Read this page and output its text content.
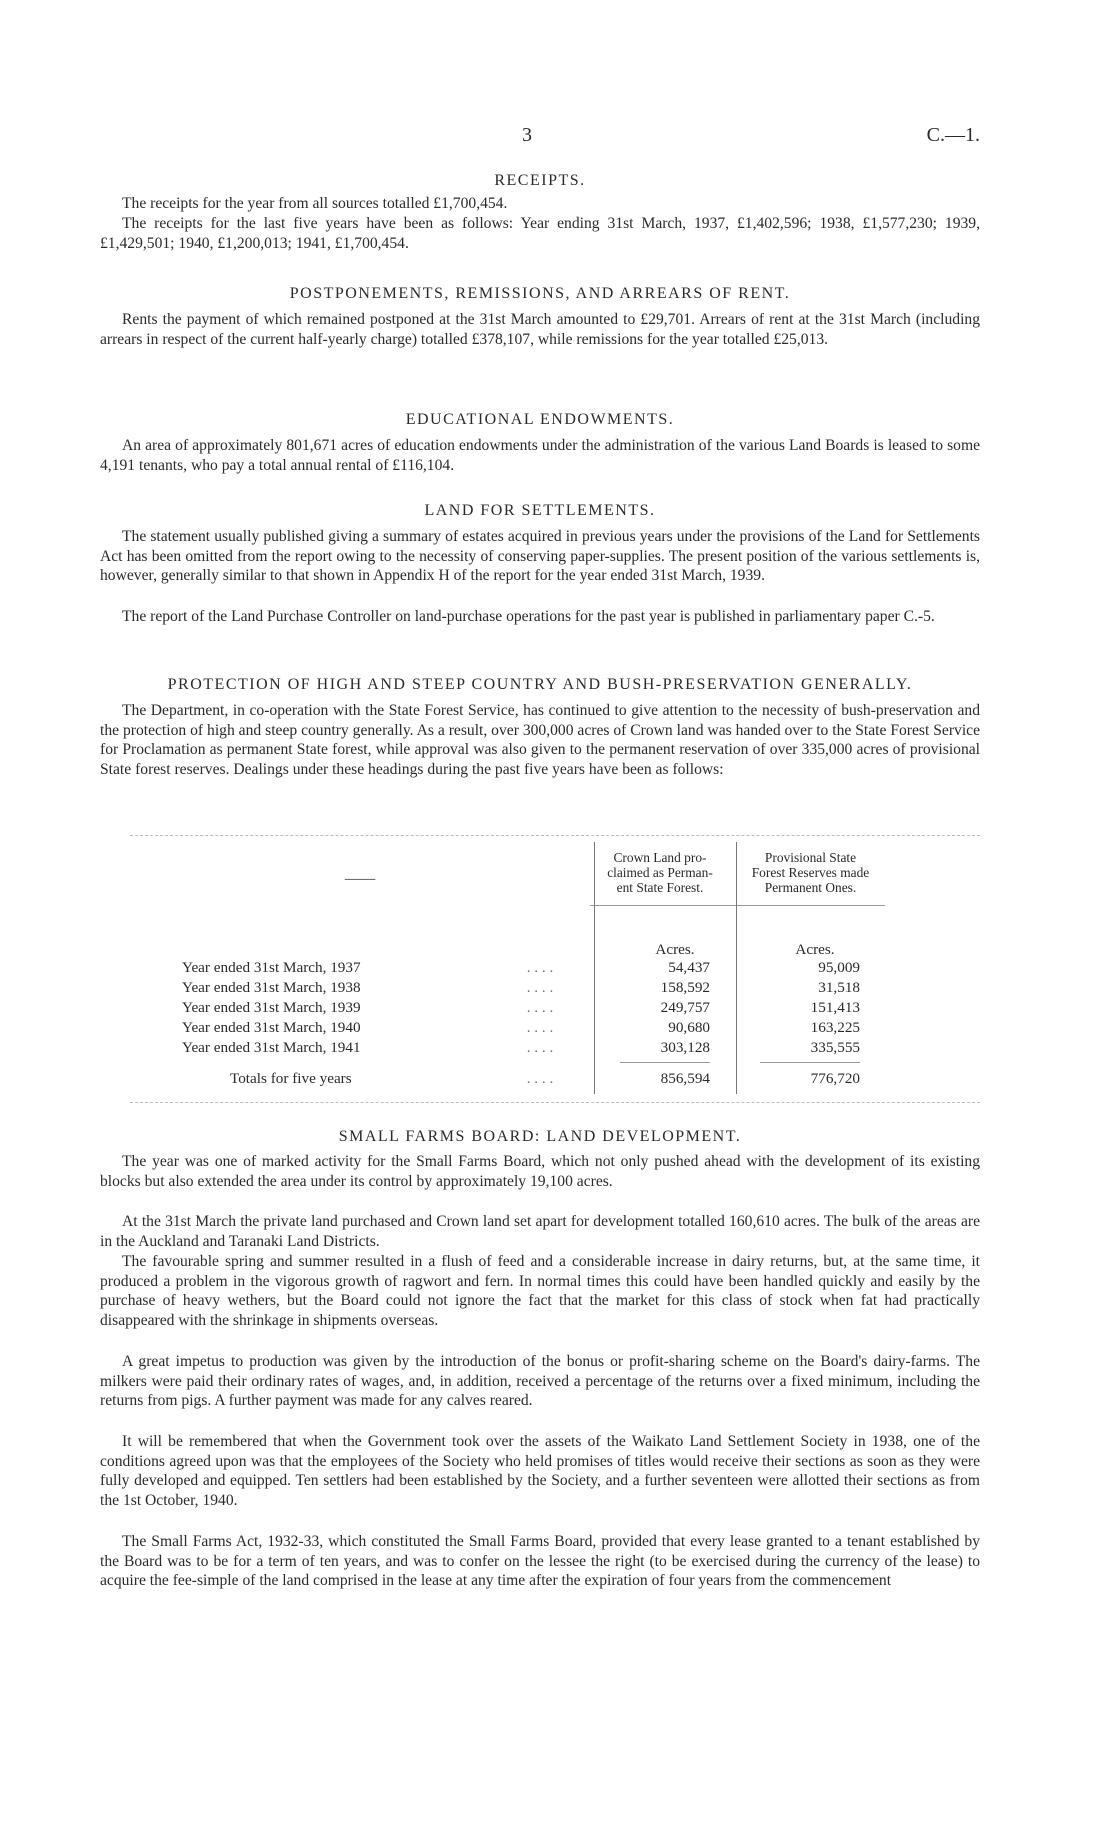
3	C.—1.
RECEIPTS.

The receipts for the year from all sources totalled £1,700,454.

The receipts for the last five years have been as follows: Year ending 31st March, 1937, £1,402,596; 1938, £1,577,230; 1939, £1,429,501; 1940, £1,200,013; 1941, £1,700,454.

POSTPONEMENTS, REMISSIONS, AND ARREARS OF RENT.

Rents the payment of which remained postponed at the 31st March amounted to £29,701. Arrears of rent at the 31st March (including arrears in respect of the current half-yearly charge) totalled £378,107, while remissions for the year totalled £25,013.

EDUCATIONAL ENDOWMENTS.

An area of approximately 801,671 acres of education endowments under the administration of the various Land Boards is leased to some 4,191 tenants, who pay a total annual rental of £116,104.

LAND FOR SETTLEMENTS.

The statement usually published giving a summary of estates acquired in previous years under the provisions of the Land for Settlements Act has been omitted from the report owing to the necessity of conserving paper-supplies. The present position of the various settlements is, however, generally similar to that shown in Appendix H of the report for the year ended 31st March, 1939.

The report of the Land Purchase Controller on land-purchase operations for the past year is published in parliamentary paper C.-5.

PROTECTION OF HIGH AND STEEP COUNTRY AND BUSH-PRESERVATION GENERALLY.

The Department, in co-operation with the State Forest Service, has continued to give attention to the necessity of bush-preservation and the protection of high and steep country generally. As a result, over 300,000 acres of Crown land was handed over to the State Forest Service for Proclamation as permanent State forest, while approval was also given to the permanent reservation of over 335,000 acres of provisional State forest reserves. Dealings under these headings during the past five years have been as follows:

——
Crown Land pro-
claimed as Perman-
ent State Forest.
Provisional State
Forest Reserves made
Permanent Ones.
Acres.	Acres.
Year ended 31st March, 1937	. . . .	54,437	95,009
Year ended 31st March, 1938	. . . .	158,592	31,518
Year ended 31st March, 1939	. . . .	249,757	151,413
Year ended 31st March, 1940	. . . .	90,680	163,225
Year ended 31st March, 1941	. . . .	303,128	335,555
Totals for five years	. . . .	856,594	776,720
SMALL FARMS BOARD: LAND DEVELOPMENT.

The year was one of marked activity for the Small Farms Board, which not only pushed ahead with the development of its existing blocks but also extended the area under its control by approximately 19,100 acres.

At the 31st March the private land purchased and Crown land set apart for development totalled 160,610 acres. The bulk of the areas are in the Auckland and Taranaki Land Districts.

The favourable spring and summer resulted in a flush of feed and a considerable increase in dairy returns, but, at the same time, it produced a problem in the vigorous growth of ragwort and fern. In normal times this could have been handled quickly and easily by the purchase of heavy wethers, but the Board could not ignore the fact that the market for this class of stock when fat had practically disappeared with the shrinkage in shipments overseas.

A great impetus to production was given by the introduction of the bonus or profit-sharing scheme on the Board's dairy-farms. The milkers were paid their ordinary rates of wages, and, in addition, received a percentage of the returns over a fixed minimum, including the returns from pigs. A further payment was made for any calves reared.

It will be remembered that when the Government took over the assets of the Waikato Land Settlement Society in 1938, one of the conditions agreed upon was that the employees of the Society who held promises of titles would receive their sections as soon as they were fully developed and equipped. Ten settlers had been established by the Society, and a further seventeen were allotted their sections as from the 1st October, 1940.

The Small Farms Act, 1932-33, which constituted the Small Farms Board, provided that every lease granted to a tenant established by the Board was to be for a term of ten years, and was to confer on the lessee the right (to be exercised during the currency of the lease) to acquire the fee-simple of the land comprised in the lease at any time after the expiration of four years from the commencement
